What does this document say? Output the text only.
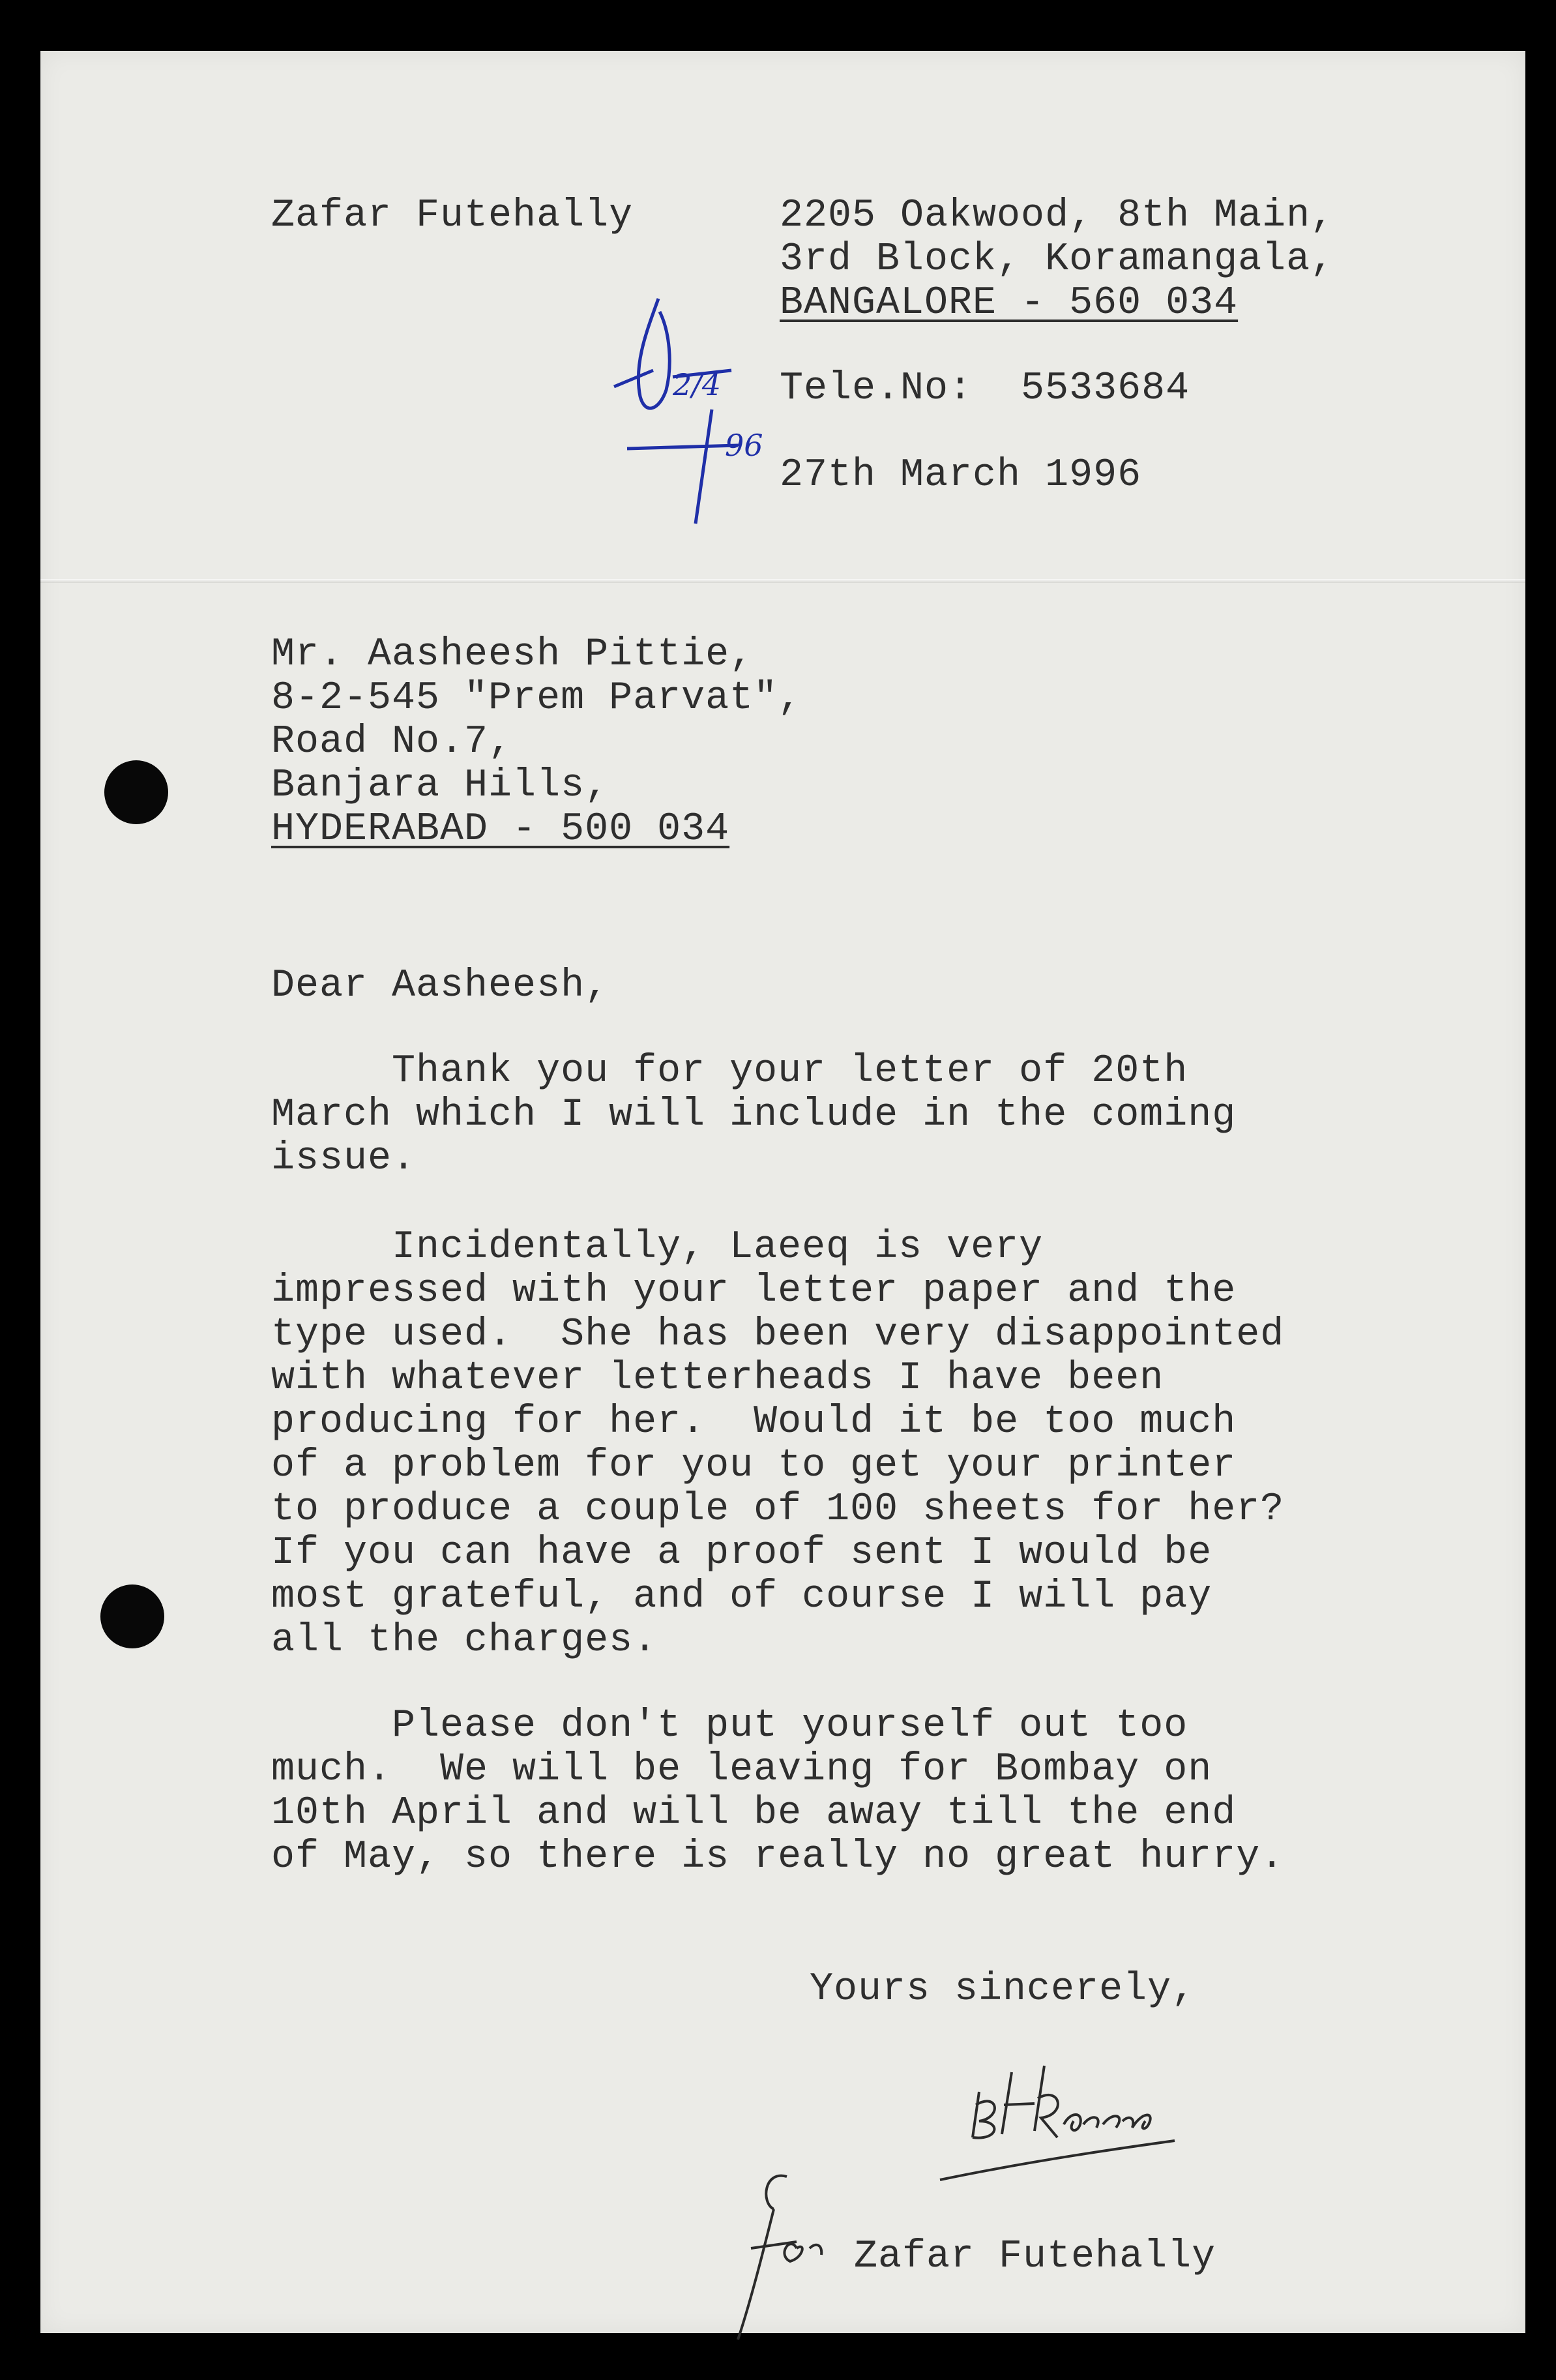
Zafar Futehally	2205 Oakwood, 8th Main,
3rd Block, Koramangala,
BANGALORE - 560 034
Tele.No:  5533684
27th March 1996
2/4
96
Mr. Aasheesh Pittie,
8-2-545 "Prem Parvat",
Road No.7,
Banjara Hills,
HYDERABAD - 500 034
Dear Aasheesh,
Thank you for your letter of 20th
March which I will include in the coming
issue.
Incidentally, Laeeq is very
impressed with your letter paper and the
type used.  She has been very disappointed
with whatever letterheads I have been
producing for her.  Would it be too much
of a problem for you to get your printer
to produce a couple of 100 sheets for her?
If you can have a proof sent I would be
most grateful, and of course I will pay
all the charges.
Please don't put yourself out too
much.  We will be leaving for Bombay on
10th April and will be away till the end
of May, so there is really no great hurry.
Yours sincerely,
Zafar Futehally
